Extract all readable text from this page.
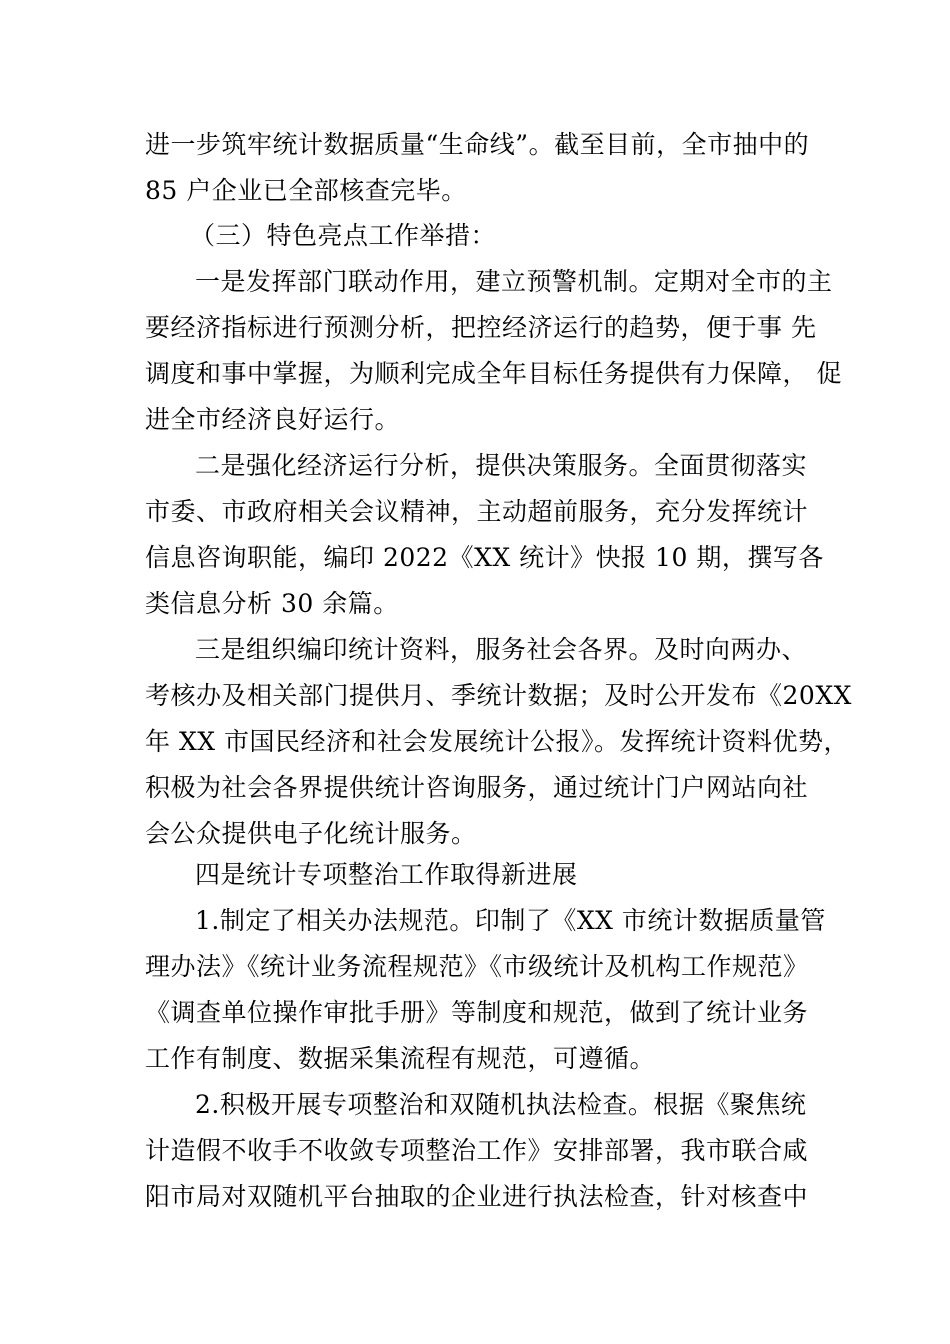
进一步筑牢统计数据质量“生命线”。截至目前，全市抽中的

85 户企业已全部核查完毕。

（三）特色亮点工作举措：

一是发挥部门联动作用，建立预警机制。定期对全市的主

要经济指标进行预测分析，把控经济运行的趋势，便于事 先

调度和事中掌握，为顺利完成全年目标任务提供有力保障， 促

进全市经济良好运行。

二是强化经济运行分析，提供决策服务。全面贯彻落实

市委、市政府相关会议精神，主动超前服务，充分发挥统计

信息咨询职能，编印 2022《XX 统计》快报 10 期，撰写各

类信息分析 30 余篇。

三是组织编印统计资料，服务社会各界。及时向两办、

考核办及相关部门提供月、季统计数据；及时公开发布《20XX

年 XX 市国民经济和社会发展统计公报》。发挥统计资料优势，

积极为社会各界提供统计咨询服务，通过统计门户网站向社

会公众提供电子化统计服务。

四是统计专项整治工作取得新进展

1.制定了相关办法规范。印制了《XX 市统计数据质量管

理办法》《统计业务流程规范》《市级统计及机构工作规范》

《调查单位操作审批手册》等制度和规范，做到了统计业务

工作有制度、数据采集流程有规范，可遵循。

2.积极开展专项整治和双随机执法检查。根据《聚焦统

计造假不收手不收敛专项整治工作》安排部署，我市联合咸

阳市局对双随机平台抽取的企业进行执法检查，针对核查中
